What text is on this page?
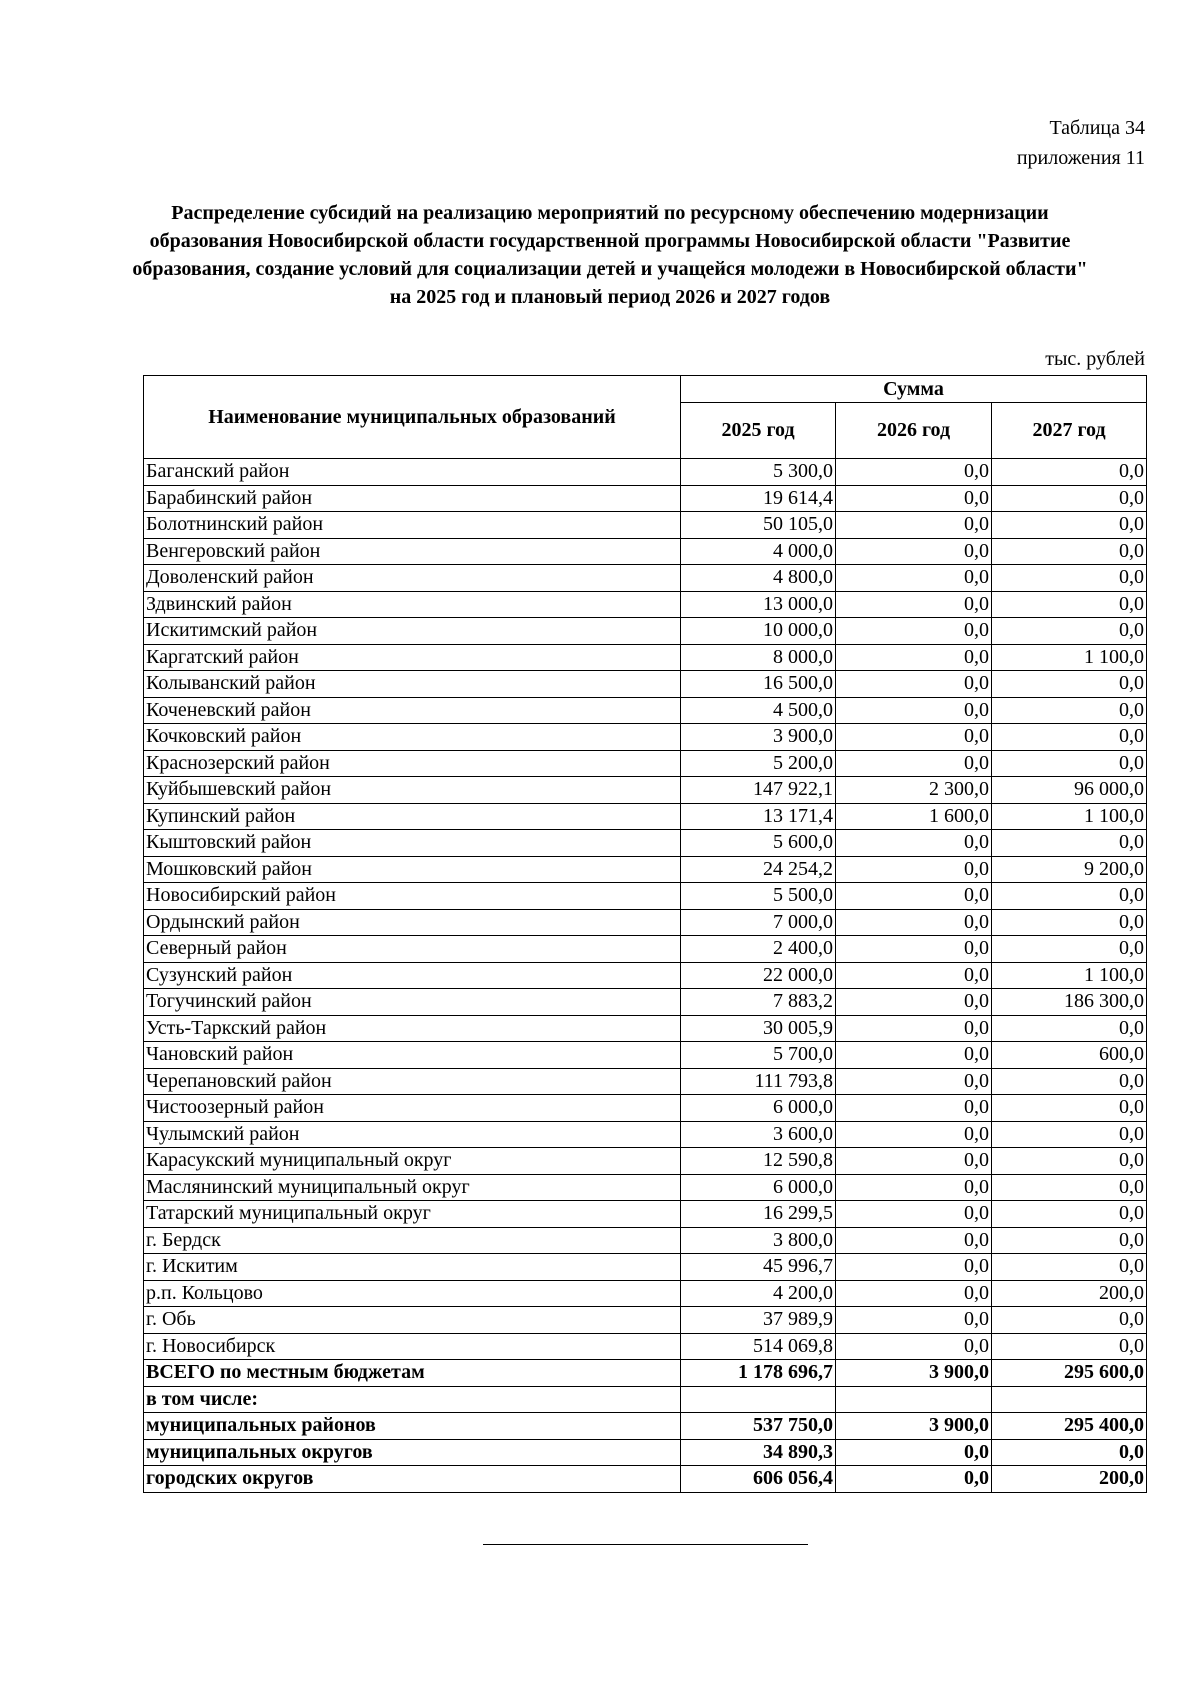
Таблица 34
приложения 11
Распределение субсидий на реализацию мероприятий по ресурсному обеспечению модернизации образования Новосибирской области государственной программы Новосибирской области "Развитие образования, создание условий для социализации детей и учащейся молодежи в Новосибирской области" на 2025 год и плановый период 2026 и 2027 годов
тыс. рублей
Наименование муниципальных образований	Сумма		
	2025 год	2026 год	2027 год
Баганский район	5 300,0	0,0	0,0
Барабинский район	19 614,4	0,0	0,0
Болотнинский район	50 105,0	0,0	0,0
Венгеровский район	4 000,0	0,0	0,0
Доволенский район	4 800,0	0,0	0,0
Здвинский район	13 000,0	0,0	0,0
Искитимский район	10 000,0	0,0	0,0
Каргатский район	8 000,0	0,0	1 100,0
Колыванский район	16 500,0	0,0	0,0
Коченевский район	4 500,0	0,0	0,0
Кочковский район	3 900,0	0,0	0,0
Краснозерский район	5 200,0	0,0	0,0
Куйбышевский район	147 922,1	2 300,0	96 000,0
Купинский район	13 171,4	1 600,0	1 100,0
Кыштовский район	5 600,0	0,0	0,0
Мошковский район	24 254,2	0,0	9 200,0
Новосибирский район	5 500,0	0,0	0,0
Ордынский район	7 000,0	0,0	0,0
Северный район	2 400,0	0,0	0,0
Сузунский район	22 000,0	0,0	1 100,0
Тогучинский район	7 883,2	0,0	186 300,0
Усть-Таркский район	30 005,9	0,0	0,0
Чановский район	5 700,0	0,0	600,0
Черепановский район	111 793,8	0,0	0,0
Чистоозерный район	6 000,0	0,0	0,0
Чулымский район	3 600,0	0,0	0,0
Карасукский муниципальный округ	12 590,8	0,0	0,0
Маслянинский муниципальный округ	6 000,0	0,0	0,0
Татарский муниципальный округ	16 299,5	0,0	0,0
г. Бердск	3 800,0	0,0	0,0
г. Искитим	45 996,7	0,0	0,0
р.п. Кольцово	4 200,0	0,0	200,0
г. Обь	37 989,9	0,0	0,0
г. Новосибирск	514 069,8	0,0	0,0
ВСЕГО по местным бюджетам	1 178 696,7	3 900,0	295 600,0
в том числе:			
муниципальных районов	537 750,0	3 900,0	295 400,0
муниципальных округов	34 890,3	0,0	0,0
городских округов	606 056,4	0,0	200,0
